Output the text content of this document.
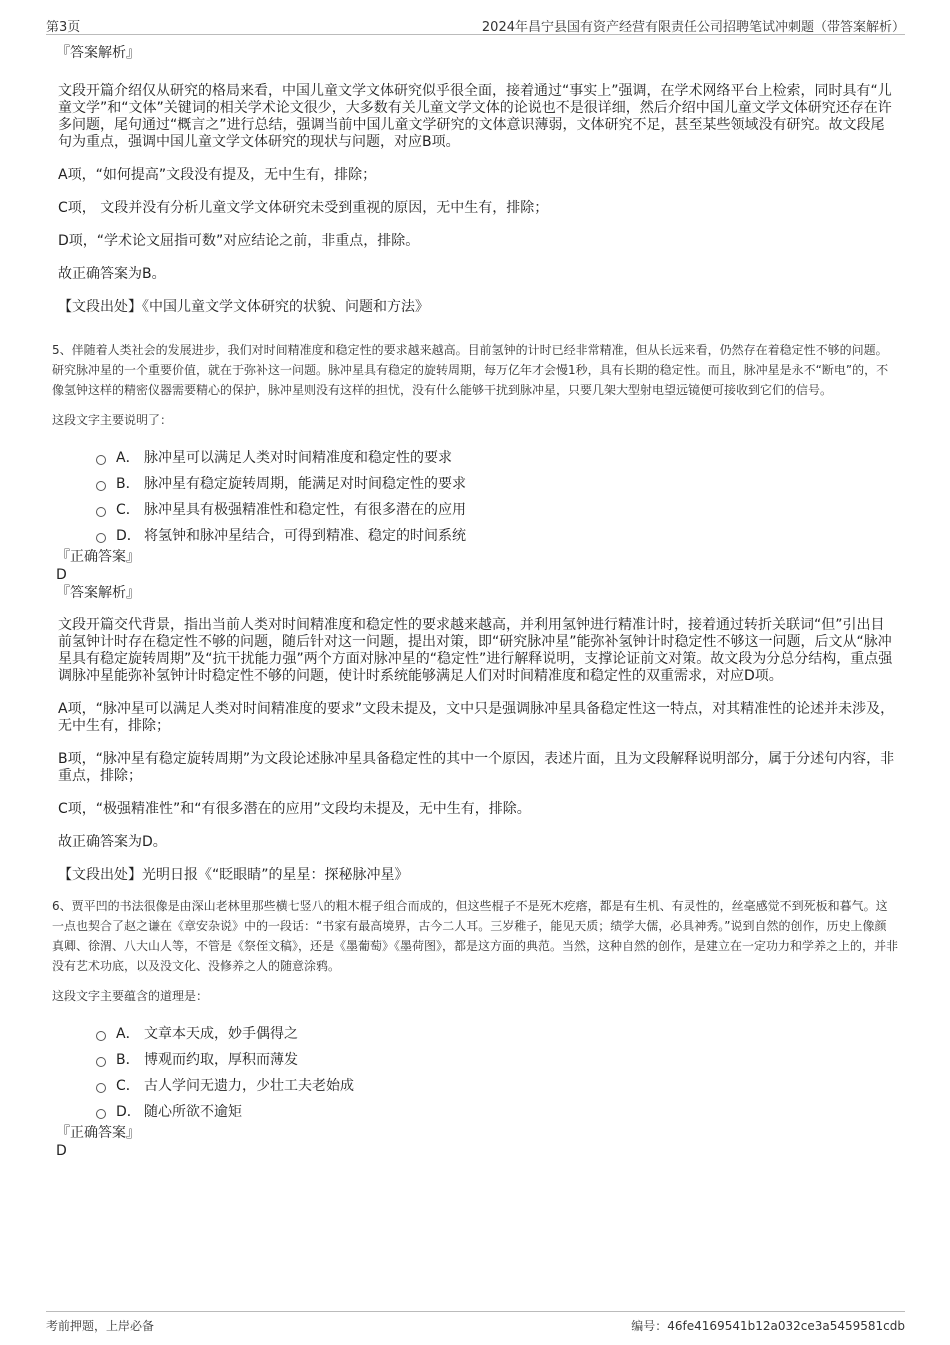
第3页	2024年昌宁县国有资产经营有限责任公司招聘笔试冲刺题（带答案解析）

『答案解析』

文段开篇介绍仅从研究的格局来看，中国儿童文学文体研究似乎很全面，接着通过“事实上”强调，在学术网络平台上检索，同时具有“儿童文学”和“文体”关键词的相关学术论文很少，大多数有关儿童文学文体的论说也不是很详细，然后介绍中国儿童文学文体研究还存在许多问题，尾句通过“概言之”进行总结，强调当前中国儿童文学研究的文体意识薄弱，文体研究不足，甚至某些领域没有研究。故文段尾句为重点，强调中国儿童文学文体研究的现状与问题，对应B项。

A项，“如何提高”文段没有提及，无中生有，排除；

C项， 文段并没有分析儿童文学文体研究未受到重视的原因，无中生有，排除；

D项，“学术论文屈指可数”对应结论之前，非重点，排除。

故正确答案为B。

【文段出处】《中国儿童文学文体研究的状貌、问题和方法》

5、伴随着人类社会的发展进步，我们对时间精准度和稳定性的要求越来越高。目前氢钟的计时已经非常精准，但从长远来看，仍然存在着稳定性不够的问题。研究脉冲星的一个重要价值，就在于弥补这一问题。脉冲星具有稳定的旋转周期，每万亿年才会慢1秒，具有长期的稳定性。而且，脉冲星是永不“断电”的，不像氢钟这样的精密仪器需要精心的保护，脉冲星则没有这样的担忧，没有什么能够干扰到脉冲星，只要几架大型射电望远镜便可接收到它们的信号。

这段文字主要说明了：

A． 脉冲星可以满足人类对时间精准度和稳定性的要求
B． 脉冲星有稳定旋转周期，能满足对时间稳定性的要求
C． 脉冲星具有极强精准性和稳定性，有很多潜在的应用
D． 将氢钟和脉冲星结合，可得到精准、稳定的时间系统

『正确答案』

D

『答案解析』

文段开篇交代背景，指出当前人类对时间精准度和稳定性的要求越来越高，并利用氢钟进行精准计时，接着通过转折关联词“但”引出目前氢钟计时存在稳定性不够的问题，随后针对这一问题，提出对策，即“研究脉冲星”能弥补氢钟计时稳定性不够这一问题，后文从“脉冲星具有稳定旋转周期”及“抗干扰能力强”两个方面对脉冲星的“稳定性”进行解释说明，支撑论证前文对策。故文段为分总分结构，重点强调脉冲星能弥补氢钟计时稳定性不够的问题，使计时系统能够满足人们对时间精准度和稳定性的双重需求，对应D项。

A项，“脉冲星可以满足人类对时间精准度的要求”文段未提及，文中只是强调脉冲星具备稳定性这一特点，对其精准性的论述并未涉及，无中生有，排除；

B项，“脉冲星有稳定旋转周期”为文段论述脉冲星具备稳定性的其中一个原因，表述片面，且为文段解释说明部分，属于分述句内容，非重点，排除；

C项，“极强精准性”和“有很多潜在的应用”文段均未提及，无中生有，排除。

故正确答案为D。

【文段出处】光明日报《“眨眼睛”的星星：探秘脉冲星》

6、贾平凹的书法很像是由深山老林里那些横七竖八的粗木棍子组合而成的，但这些棍子不是死木疙瘩，都是有生机、有灵性的，丝毫感觉不到死板和暮气。这一点也契合了赵之谦在《章安杂说》中的一段话：“书家有最高境界，古今二人耳。三岁稚子，能见天质；绩学大儒，必具神秀。”说到自然的创作，历史上像颜真卿、徐渭、八大山人等，不管是《祭侄文稿》，还是《墨葡萄》《墨荷图》，都是这方面的典范。当然，这种自然的创作，是建立在一定功力和学养之上的，并非没有艺术功底，以及没文化、没修养之人的随意涂鸦。

这段文字主要蕴含的道理是：

A． 文章本天成，妙手偶得之
B． 博观而约取，厚积而薄发
C． 古人学问无遗力，少壮工夫老始成
D． 随心所欲不逾矩

『正确答案』

D

考前押题，上岸必备	编号：46fe4169541b12a032ce3a5459581cdb
